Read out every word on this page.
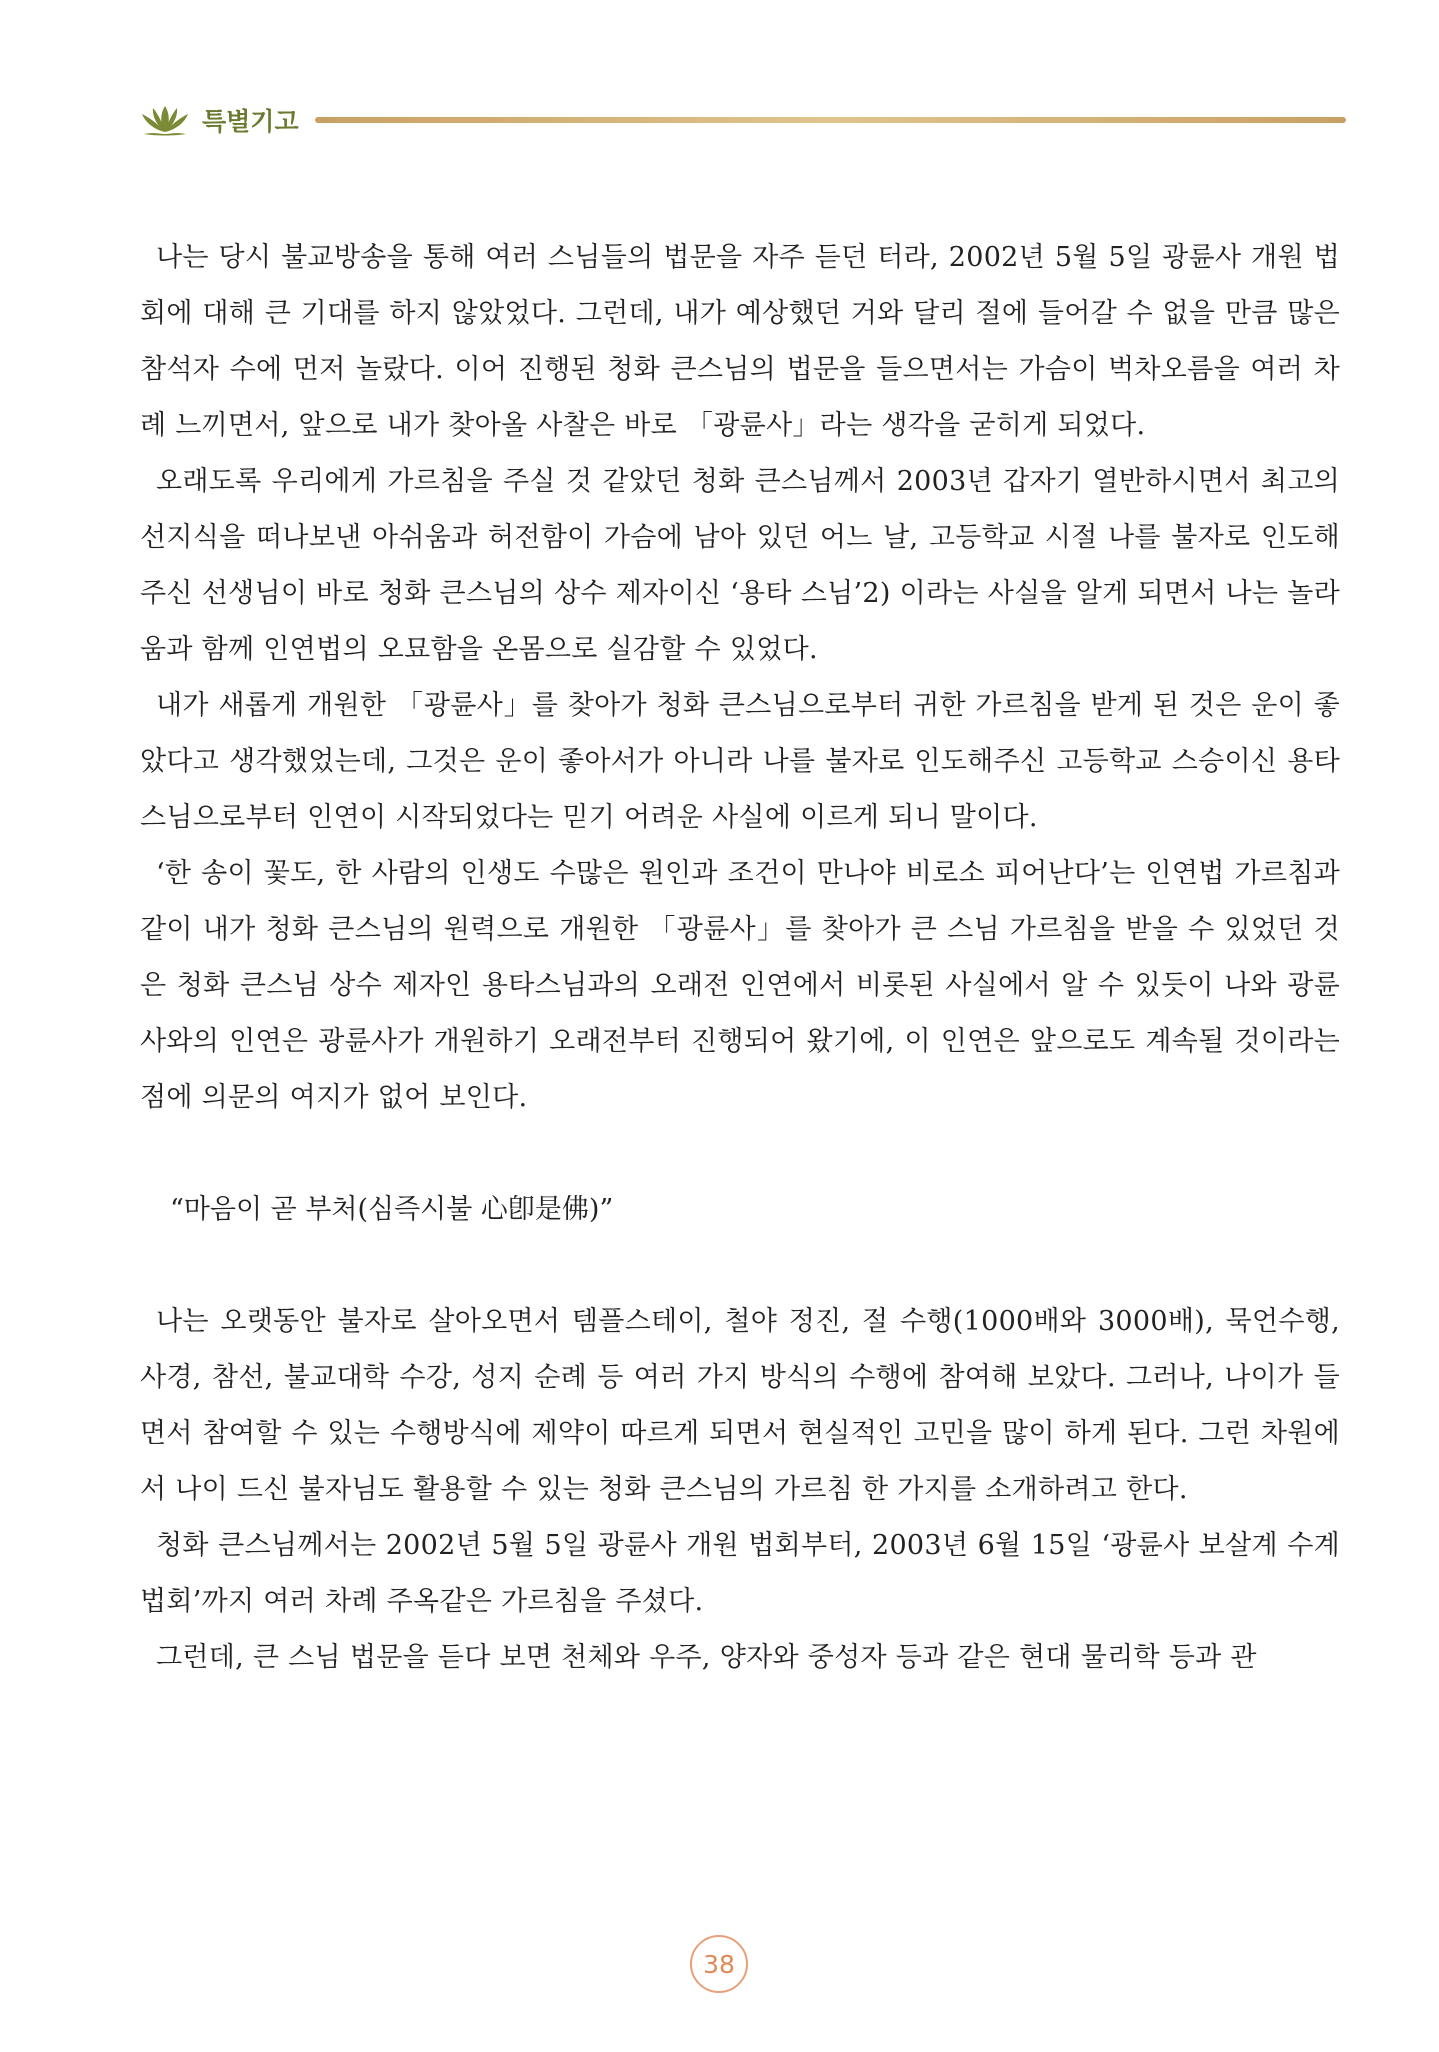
특별기고

나는 당시 불교방송을 통해 여러 스님들의 법문을 자주 듣던 터라, 2002년 5월 5일 광륜사 개원 법회에 대해 큰 기대를 하지 않았었다. 그런데, 내가 예상했던 거와 달리 절에 들어갈 수 없을 만큼 많은 참석자 수에 먼저 놀랐다. 이어 진행된 청화 큰스님의 법문을 들으면서는 가슴이 벅차오름을 여러 차례 느끼면서, 앞으로 내가 찾아올 사찰은 바로 「광륜사」라는 생각을 굳히게 되었다.

오래도록 우리에게 가르침을 주실 것 같았던 청화 큰스님께서 2003년 갑자기 열반하시면서 최고의 선지식을 떠나보낸 아쉬움과 허전함이 가슴에 남아 있던 어느 날, 고등학교 시절 나를 불자로 인도해주신 선생님이 바로 청화 큰스님의 상수 제자이신 ‘용타 스님’2) 이라는 사실을 알게 되면서 나는 놀라움과 함께 인연법의 오묘함을 온몸으로 실감할 수 있었다.

내가 새롭게 개원한 「광륜사」를 찾아가 청화 큰스님으로부터 귀한 가르침을 받게 된 것은 운이 좋았다고 생각했었는데, 그것은 운이 좋아서가 아니라 나를 불자로 인도해주신 고등학교 스승이신 용타 스님으로부터 인연이 시작되었다는 믿기 어려운 사실에 이르게 되니 말이다.

‘한 송이 꽃도, 한 사람의 인생도 수많은 원인과 조건이 만나야 비로소 피어난다’는 인연법 가르침과 같이 내가 청화 큰스님의 원력으로 개원한 「광륜사」를 찾아가 큰 스님 가르침을 받을 수 있었던 것은 청화 큰스님 상수 제자인 용타스님과의 오래전 인연에서 비롯된 사실에서 알 수 있듯이 나와 광륜사와의 인연은 광륜사가 개원하기 오래전부터 진행되어 왔기에, 이 인연은 앞으로도 계속될 것이라는 점에 의문의 여지가 없어 보인다.

“마음이 곧 부처(심즉시불 心卽是佛)”

나는 오랫동안 불자로 살아오면서 템플스테이, 철야 정진, 절 수행(1000배와 3000배), 묵언수행, 사경, 참선, 불교대학 수강, 성지 순례 등 여러 가지 방식의 수행에 참여해 보았다. 그러나, 나이가 들면서 참여할 수 있는 수행방식에 제약이 따르게 되면서 현실적인 고민을 많이 하게 된다. 그런 차원에서 나이 드신 불자님도 활용할 수 있는 청화 큰스님의 가르침 한 가지를 소개하려고 한다.

청화 큰스님께서는 2002년 5월 5일 광륜사 개원 법회부터, 2003년 6월 15일 ‘광륜사 보살계 수계법회’까지 여러 차례 주옥같은 가르침을 주셨다.

그런데, 큰 스님 법문을 듣다 보면 천체와 우주, 양자와 중성자 등과 같은 현대 물리학 등과 관

38
